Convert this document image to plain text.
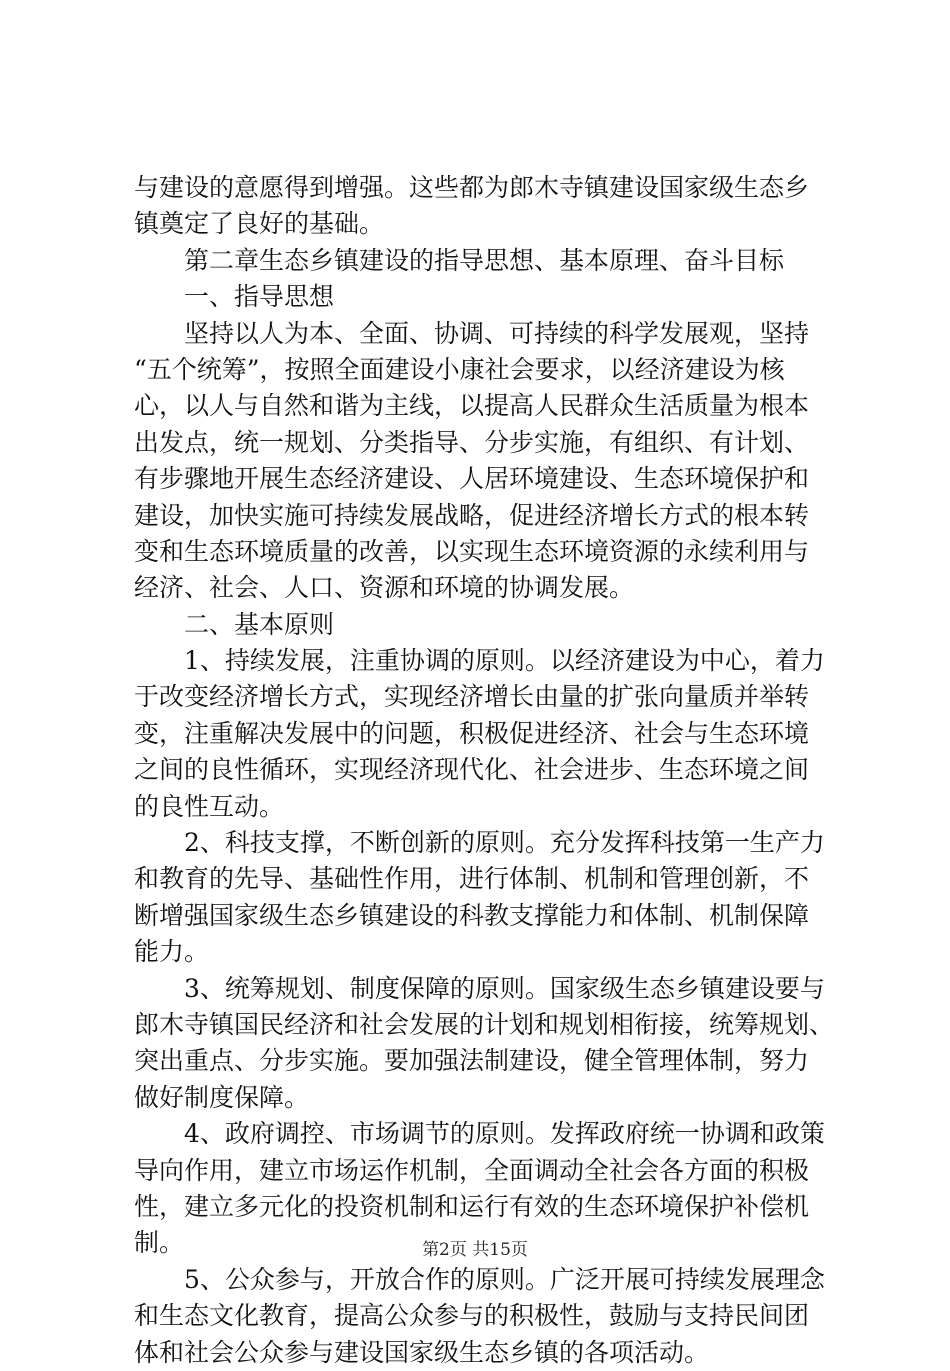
与建设的意愿得到增强。这些都为郎木寺镇建设国家级生态乡
镇奠定了良好的基础。
第二章生态乡镇建设的指导思想、基本原理、奋斗目标
一、指导思想
坚持以人为本、全面、协调、可持续的科学发展观，坚持
“五个统筹”，按照全面建设小康社会要求，以经济建设为核
心，以人与自然和谐为主线，以提高人民群众生活质量为根本
出发点，统一规划、分类指导、分步实施，有组织、有计划、
有步骤地开展生态经济建设、人居环境建设、生态环境保护和
建设，加快实施可持续发展战略，促进经济增长方式的根本转
变和生态环境质量的改善，以实现生态环境资源的永续利用与
经济、社会、人口、资源和环境的协调发展。
二、基本原则
1、持续发展，注重协调的原则。以经济建设为中心，着力
于改变经济增长方式，实现经济增长由量的扩张向量质并举转
变，注重解决发展中的问题，积极促进经济、社会与生态环境
之间的良性循环，实现经济现代化、社会进步、生态环境之间
的良性互动。
2、科技支撑，不断创新的原则。充分发挥科技第一生产力
和教育的先导、基础性作用，进行体制、机制和管理创新，不
断增强国家级生态乡镇建设的科教支撑能力和体制、机制保障
能力。
3、统筹规划、制度保障的原则。国家级生态乡镇建设要与
郎木寺镇国民经济和社会发展的计划和规划相衔接，统筹规划、
突出重点、分步实施。要加强法制建设，健全管理体制，努力
做好制度保障。
4、政府调控、市场调节的原则。发挥政府统一协调和政策
导向作用，建立市场运作机制，全面调动全社会各方面的积极
性，建立多元化的投资机制和运行有效的生态环境保护补偿机
制。
5、公众参与，开放合作的原则。广泛开展可持续发展理念
和生态文化教育，提高公众参与的积极性，鼓励与支持民间团
体和社会公众参与建设国家级生态乡镇的各项活动。
第2页 共15页
